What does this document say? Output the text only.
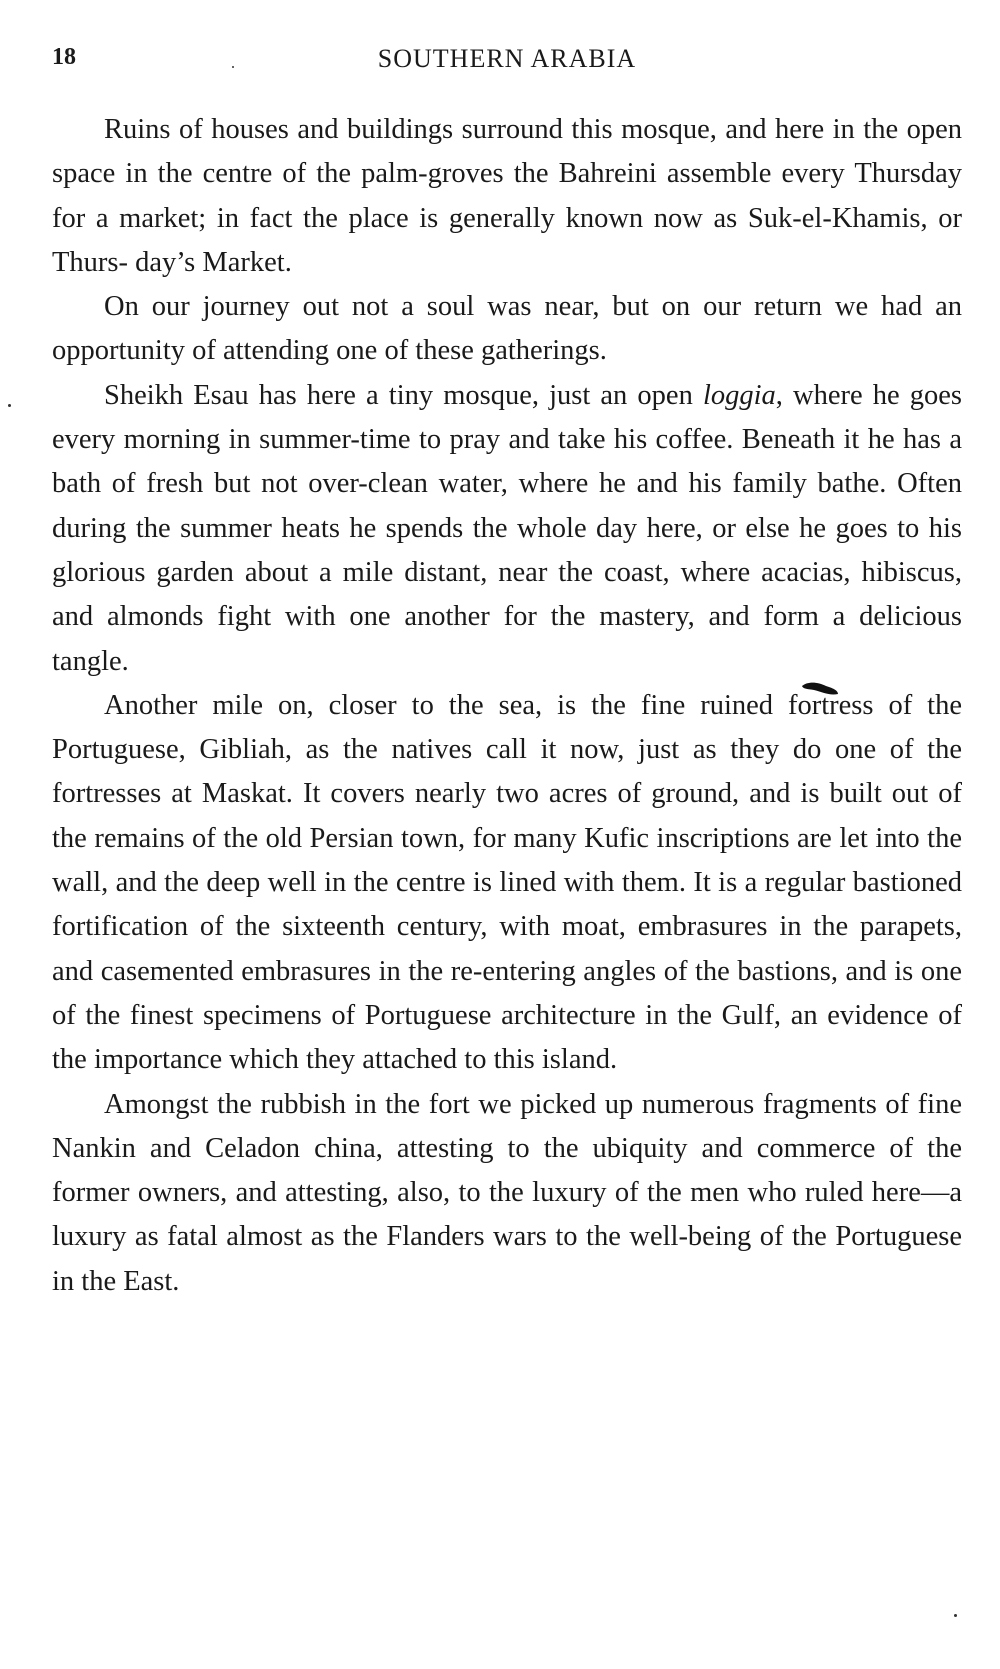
18	SOUTHERN ARABIA

Ruins of houses and buildings surround this mosque, and here in the open space in the centre of the palm-groves the Bahreini assemble every Thursday for a market; in fact the place is generally known now as Suk-el-Khamis, or Thurs- day’s Market.

On our journey out not a soul was near, but on our return we had an opportunity of attending one of these gatherings.

Sheikh Esau has here a tiny mosque, just an open loggia, where he goes every morning in summer-time to pray and take his coffee. Beneath it he has a bath of fresh but not over-clean water, where he and his family bathe. Often during the summer heats he spends the whole day here, or else he goes to his glorious garden about a mile distant, near the coast, where acacias, hibiscus, and almonds fight with one another for the mastery, and form a delicious tangle.

Another mile on, closer to the sea, is the fine ruined fortress of the Portuguese, Gibliah, as the natives call it now, just as they do one of the fortresses at Maskat. It covers nearly two acres of ground, and is built out of the remains of the old Persian town, for many Kufic inscriptions are let into the wall, and the deep well in the centre is lined with them. It is a regular bastioned fortification of the sixteenth century, with moat, embrasures in the parapets, and casemented embrasures in the re-entering angles of the bastions, and is one of the finest specimens of Portuguese architecture in the Gulf, an evidence of the importance which they attached to this island.

Amongst the rubbish in the fort we picked up numerous fragments of fine Nankin and Celadon china, attesting to the ubiquity and commerce of the former owners, and attesting, also, to the luxury of the men who ruled here—a luxury as fatal almost as the Flanders wars to the well-being of the Portuguese in the East.
